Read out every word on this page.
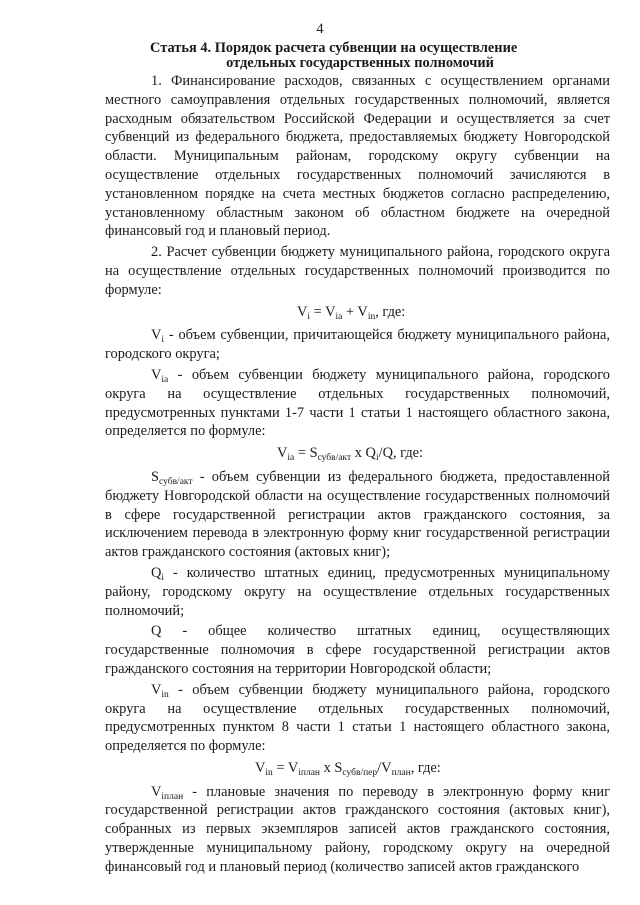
4
Статья 4. Порядок расчета субвенции на осуществление
отдельных государственных полномочий

1. Финансирование расходов, связанных с осуществлением органами местного самоуправления отдельных государственных полномочий, является расходным обязательством Российской Федерации и осуществляется за счет субвенций из федерального бюджета, предоставляемых бюджету Новгородской области. Муниципальным районам, городскому округу субвенции на осуществление отдельных государственных полномочий зачисляются в установленном порядке на счета местных бюджетов согласно распределению, установленному областным законом об областном бюджете на очередной финансовый год и плановый период.

2. Расчет субвенции бюджету муниципального района, городского округа на осуществление отдельных государственных полномочий производится по формуле:

$V_i = V_{ia} + V_{in}$, где:

$V_i$ - объем субвенции, причитающейся бюджету муниципального района, городского округа;

$V_{ia}$ - объем субвенции бюджету муниципального района, городского округа на осуществление отдельных государственных полномочий, предусмотренных пунктами 1-7 части 1 статьи 1 настоящего областного закона, определяется по формуле:

$V_{ia} = S_{субв/акт}$ x $Q_i/Q$, где:

$S_{субв/акт}$ - объем субвенции из федерального бюджета, предоставленной бюджету Новгородской области на осуществление государственных полномочий в сфере государственной регистрации актов гражданского состояния, за исключением перевода в электронную форму книг государственной регистрации актов гражданского состояния (актовых книг);

$Q_i$ - количество штатных единиц, предусмотренных муниципальному району, городскому округу на осуществление отдельных государственных полномочий;

Q - общее количество штатных единиц, осуществляющих государственные полномочия в сфере государственной регистрации актов гражданского состояния на территории Новгородской области;

$V_{in}$ - объем субвенции бюджету муниципального района, городского округа на осуществление отдельных государственных полномочий, предусмотренных пунктом 8 части 1 статьи 1 настоящего областного закона, определяется по формуле:

$V_{in} = V_{iплан}$ x $S_{субв/пер}/V_{план}$, где:

$V_{iплан}$ - плановые значения по переводу в электронную форму книг государственной регистрации актов гражданского состояния (актовых книг), собранных из первых экземпляров записей актов гражданского состояния, утвержденные муниципальному району, городскому округу на очередной финансовый год и плановый период (количество записей актов гражданского
